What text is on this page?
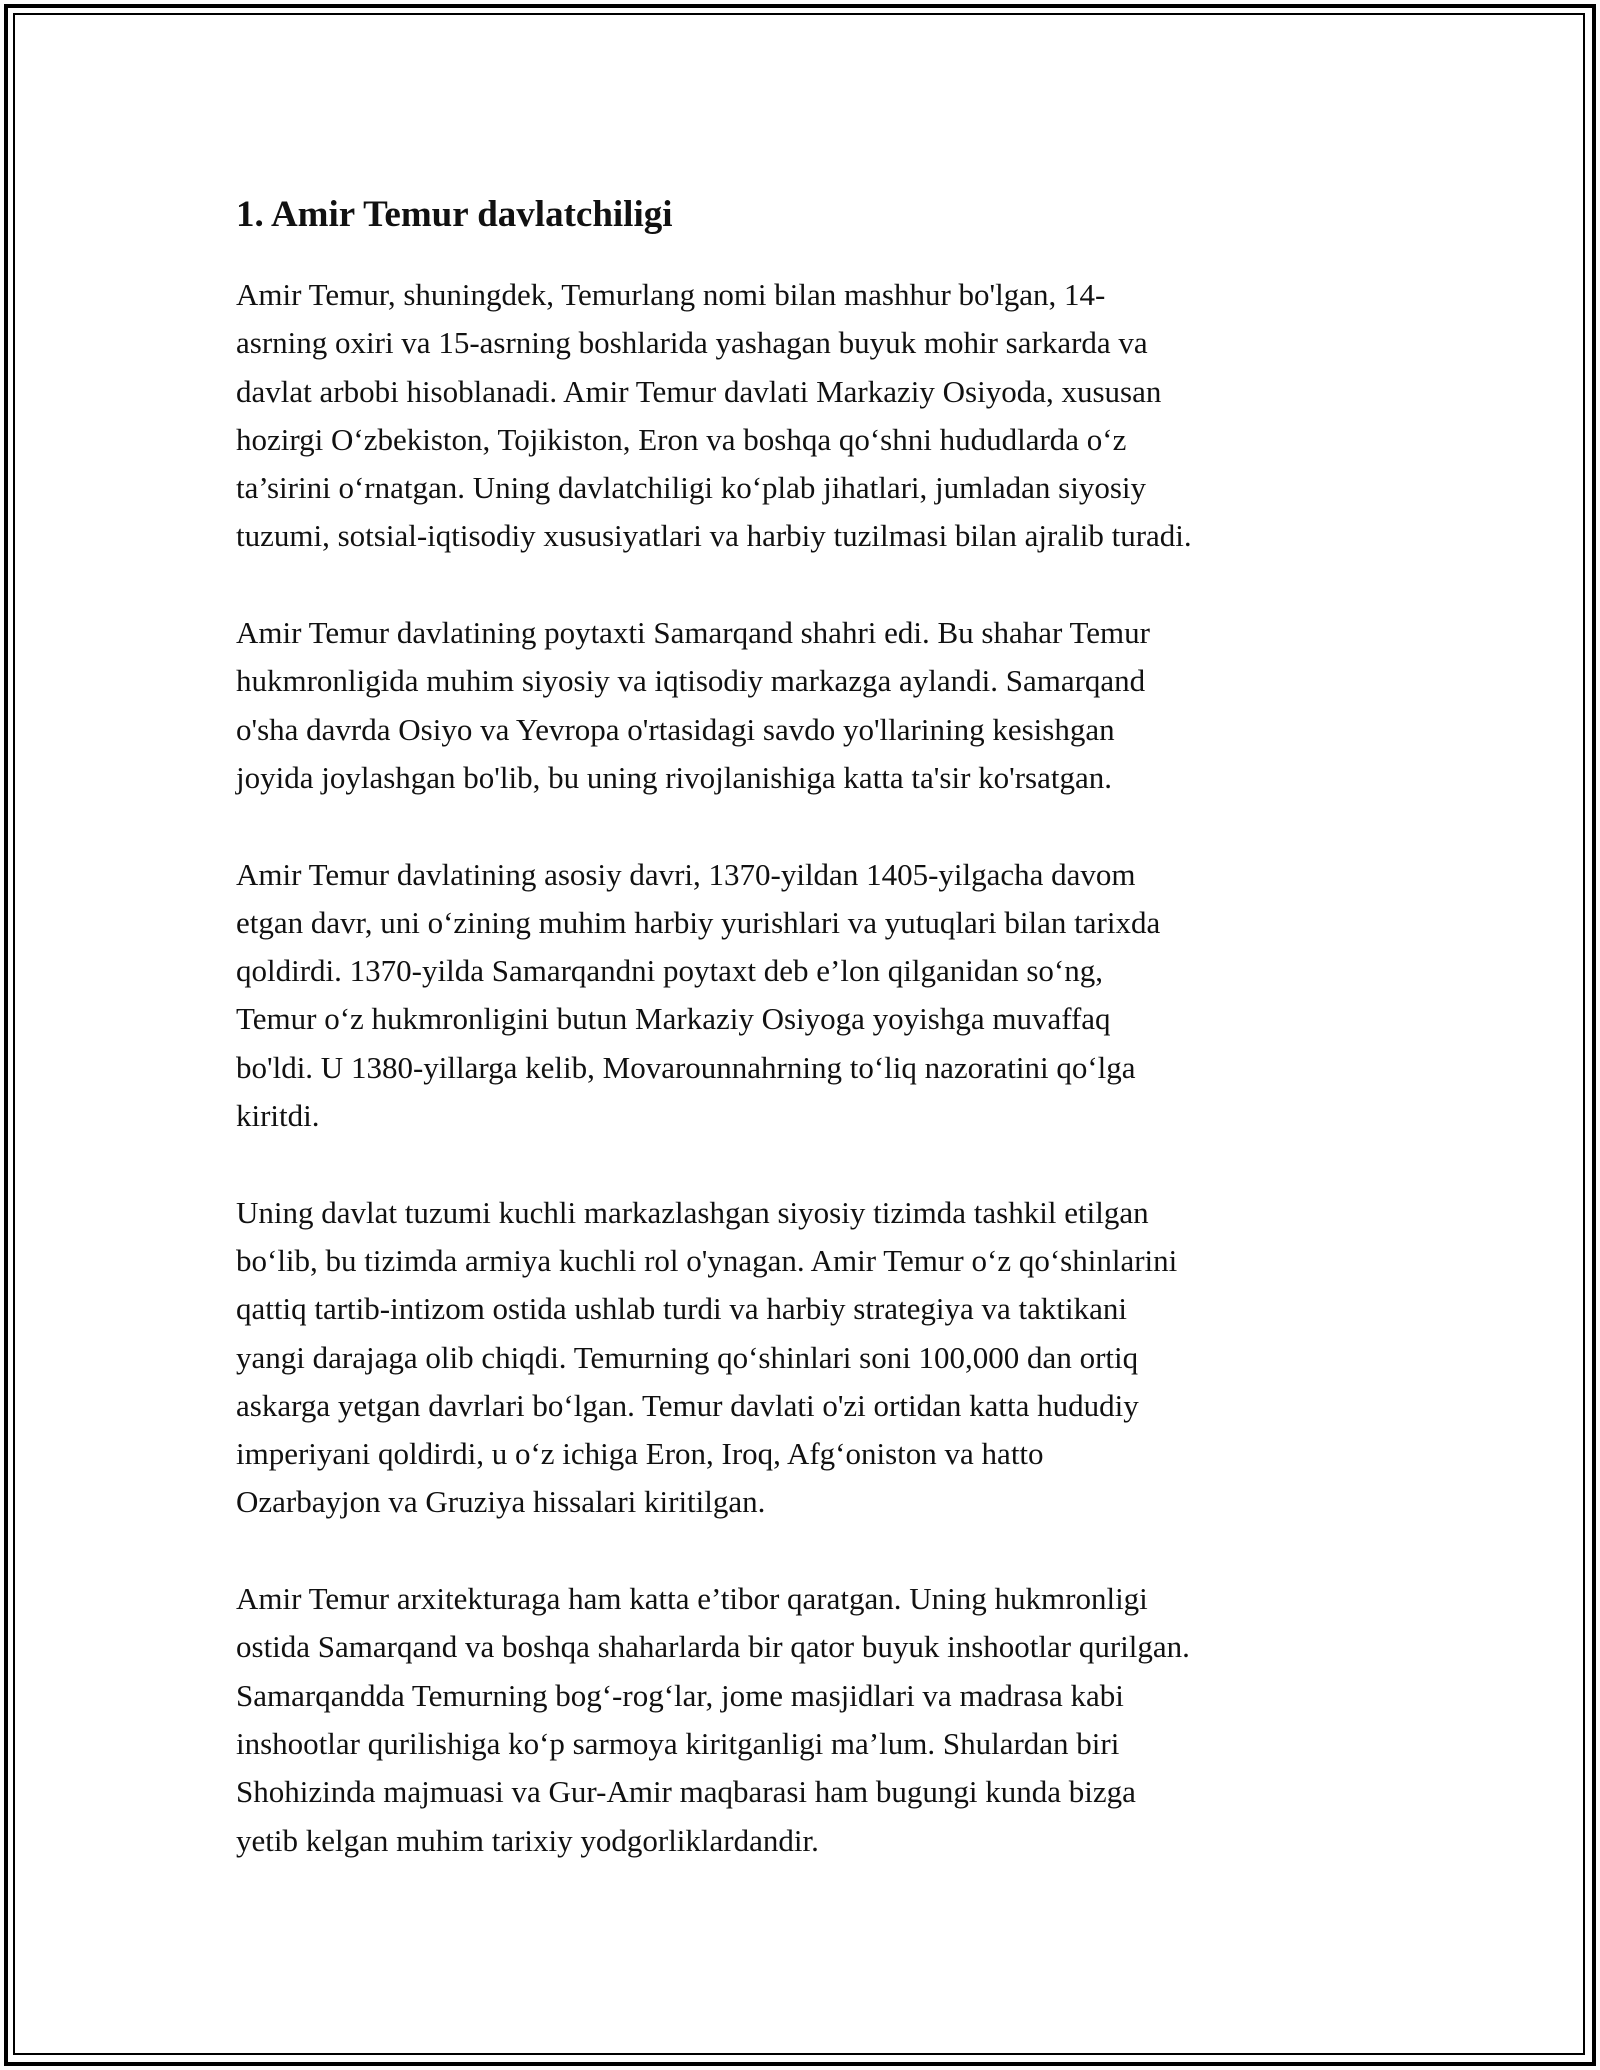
1. Amir Temur davlatchiligi

Amir Temur, shuningdek, Temurlang nomi bilan mashhur bo'lgan, 14-
asrning oxiri va 15-asrning boshlarida yashagan buyuk mohir sarkarda va
davlat arbobi hisoblanadi. Amir Temur davlati Markaziy Osiyoda, xususan
hozirgi O‘zbekiston, Tojikiston, Eron va boshqa qo‘shni hududlarda o‘z
ta’sirini o‘rnatgan. Uning davlatchiligi ko‘plab jihatlari, jumladan siyosiy
tuzumi, sotsial-iqtisodiy xususiyatlari va harbiy tuzilmasi bilan ajralib turadi.

Amir Temur davlatining poytaxti Samarqand shahri edi. Bu shahar Temur
hukmronligida muhim siyosiy va iqtisodiy markazga aylandi. Samarqand
o'sha davrda Osiyo va Yevropa o'rtasidagi savdo yo'llarining kesishgan
joyida joylashgan bo'lib, bu uning rivojlanishiga katta ta'sir ko'rsatgan.

Amir Temur davlatining asosiy davri, 1370-yildan 1405-yilgacha davom
etgan davr, uni o‘zining muhim harbiy yurishlari va yutuqlari bilan tarixda
qoldirdi. 1370-yilda Samarqandni poytaxt deb e’lon qilganidan so‘ng,
Temur o‘z hukmronligini butun Markaziy Osiyoga yoyishga muvaffaq
bo'ldi. U 1380-yillarga kelib, Movarounnahrning to‘liq nazoratini qo‘lga
kiritdi.

Uning davlat tuzumi kuchli markazlashgan siyosiy tizimda tashkil etilgan
bo‘lib, bu tizimda armiya kuchli rol o'ynagan. Amir Temur o‘z qo‘shinlarini
qattiq tartib-intizom ostida ushlab turdi va harbiy strategiya va taktikani
yangi darajaga olib chiqdi. Temurning qo‘shinlari soni 100,000 dan ortiq
askarga yetgan davrlari bo‘lgan. Temur davlati o'zi ortidan katta hududiy
imperiyani qoldirdi, u o‘z ichiga Eron, Iroq, Afg‘oniston va hatto
Ozarbayjon va Gruziya hissalari kiritilgan.

Amir Temur arxitekturaga ham katta e’tibor qaratgan. Uning hukmronligi
ostida Samarqand va boshqa shaharlarda bir qator buyuk inshootlar qurilgan.
Samarqandda Temurning bog‘-rog‘lar, jome masjidlari va madrasa kabi
inshootlar qurilishiga ko‘p sarmoya kiritganligi ma’lum. Shulardan biri
Shohizinda majmuasi va Gur-Amir maqbarasi ham bugungi kunda bizga
yetib kelgan muhim tarixiy yodgorliklardandir.
